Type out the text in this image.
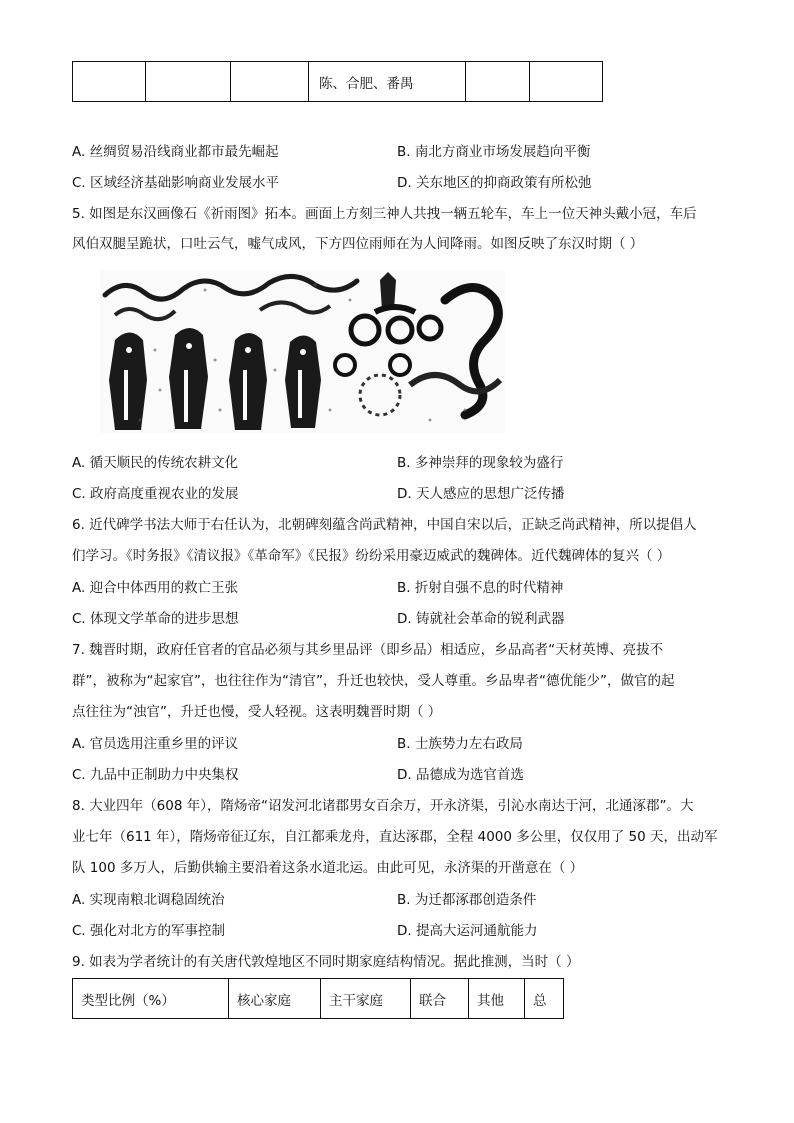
			陈、合肥、番禺		
A. 丝绸贸易沿线商业都市最先崛起	B. 南北方商业市场发展趋向平衡
C. 区域经济基础影响商业发展水平	D. 关东地区的抑商政策有所松弛
5. 如图是东汉画像石《祈雨图》拓本。画面上方刻三神人共拽一辆五轮车，车上一位天神头戴小冠，车后
风伯双腿呈跪状，口吐云气，嘘气成风，下方四位雨师在为人间降雨。如图反映了东汉时期（ ）
A. 循天顺民的传统农耕文化	B. 多神崇拜的现象较为盛行
C. 政府高度重视农业的发展	D. 天人感应的思想广泛传播
6. 近代碑学书法大师于右任认为，北朝碑刻蕴含尚武精神，中国自宋以后，正缺乏尚武精神，所以提倡人
们学习。《时务报》《清议报》《革命军》《民报》纷纷采用豪迈威武的魏碑体。近代魏碑体的复兴（ ）
A. 迎合中体西用的救亡王张	B. 折射自强不息的时代精神
C. 体现文学革命的进步思想	D. 铸就社会革命的锐利武器
7. 魏晋时期，政府任官者的官品必须与其乡里品评（即乡品）相适应，乡品高者“天材英博、亮拔不
群”，被称为“起家官”，也往往作为“清官”，升迁也较快，受人尊重。乡品卑者“德优能少”，做官的起
点往往为“浊官”，升迁也慢，受人轻视。这表明魏晋时期（ ）
A. 官员选用注重乡里的评议	B. 士族势力左右政局
C. 九品中正制助力中央集权	D. 品德成为选官首选
8. 大业四年（608 年），隋炀帝“诏发河北诸郡男女百余万，开永济渠，引沁水南达于河，北通涿郡”。大
业七年（611 年），隋炀帝征辽东，自江都乘龙舟，直达涿郡，全程 4000 多公里，仅仅用了 50 天，出动军
队 100 多万人，后勤供输主要沿着这条水道北运。由此可见，永济渠的开凿意在（ ）
A. 实现南粮北调稳固统治	B. 为迁都涿郡创造条件
C. 强化对北方的军事控制	D. 提高大运河通航能力
9. 如表为学者统计的有关唐代敦煌地区不同时期家庭结构情况。据此推测，当时（ ）
类型比例（%）	核心家庭	主干家庭	联合	其他	总
